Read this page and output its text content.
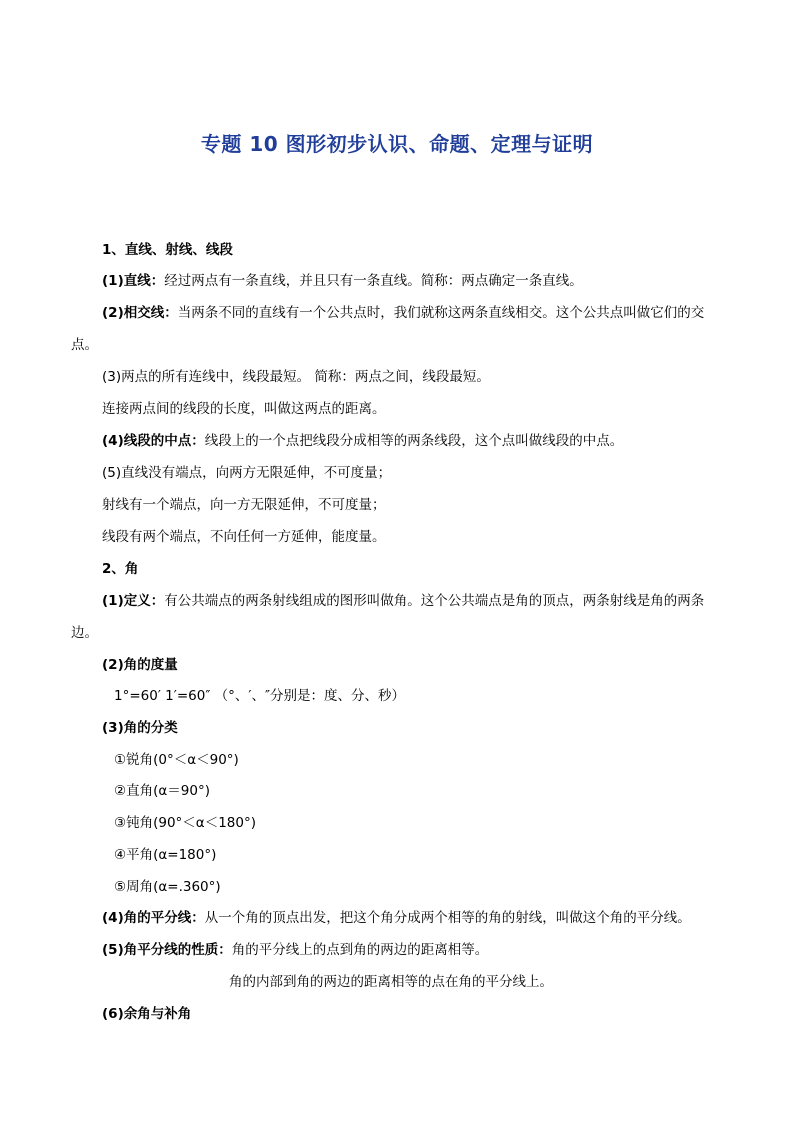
专题 10 图形初步认识、命题、定理与证明
1、直线、射线、线段
(1)直线：经过两点有一条直线，并且只有一条直线。简称：两点确定一条直线。
(2)相交线：当两条不同的直线有一个公共点时，我们就称这两条直线相交。这个公共点叫做它们的交
点。
(3)两点的所有连线中，线段最短。 简称：两点之间，线段最短。
连接两点间的线段的长度，叫做这两点的距离。
(4)线段的中点：线段上的一个点把线段分成相等的两条线段，这个点叫做线段的中点。
(5)直线没有端点，向两方无限延伸，不可度量；
射线有一个端点，向一方无限延伸，不可度量；
线段有两个端点，不向任何一方延伸，能度量。
2、角
(1)定义：有公共端点的两条射线组成的图形叫做角。这个公共端点是角的顶点，两条射线是角的两条
边。
(2)角的度量
1°=60′ 1′=60″ （°、′、″分别是：度、分、秒）
(3)角的分类
①锐角(0°＜α＜90°)
②直角(α＝90°)
③钝角(90°＜α＜180°)
④平角(α=180°)
⑤周角(α=.360°)
(4)角的平分线：从一个角的顶点出发，把这个角分成两个相等的角的射线，叫做这个角的平分线。
(5)角平分线的性质：角的平分线上的点到角的两边的距离相等。
角的内部到角的两边的距离相等的点在角的平分线上。
(6)余角与补角
